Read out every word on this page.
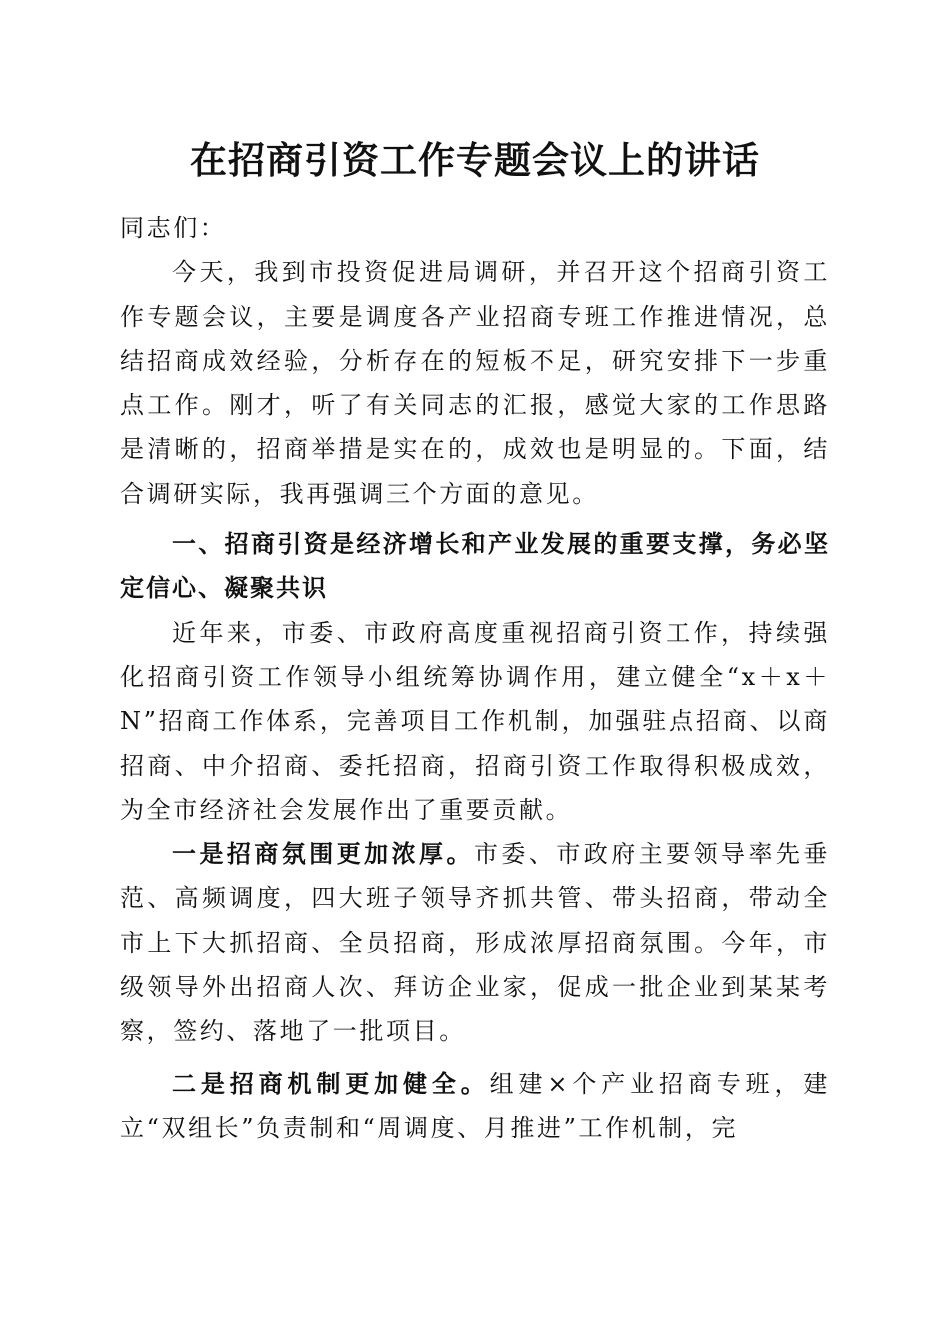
在招商引资工作专题会议上的讲话

同志们：

今天，我到市投资促进局调研，并召开这个招商引资工作专题会议，主要是调度各产业招商专班工作推进情况，总结招商成效经验，分析存在的短板不足，研究安排下一步重点工作。刚才，听了有关同志的汇报，感觉大家的工作思路是清晰的，招商举措是实在的，成效也是明显的。下面，结合调研实际，我再强调三个方面的意见。

一、招商引资是经济增长和产业发展的重要支撑，务必坚定信心、凝聚共识

近年来，市委、市政府高度重视招商引资工作，持续强化招商引资工作领导小组统筹协调作用，建立健全“x＋x＋N”招商工作体系，完善项目工作机制，加强驻点招商、以商招商、中介招商、委托招商，招商引资工作取得积极成效，为全市经济社会发展作出了重要贡献。

一是招商氛围更加浓厚。市委、市政府主要领导率先垂范、高频调度，四大班子领导齐抓共管、带头招商，带动全市上下大抓招商、全员招商，形成浓厚招商氛围。今年，市级领导外出招商人次、拜访企业家，促成一批企业到某某考察，签约、落地了一批项目。

二是招商机制更加健全。组建×个产业招商专班，建立“双组长”负责制和“周调度、月推进”工作机制，完
